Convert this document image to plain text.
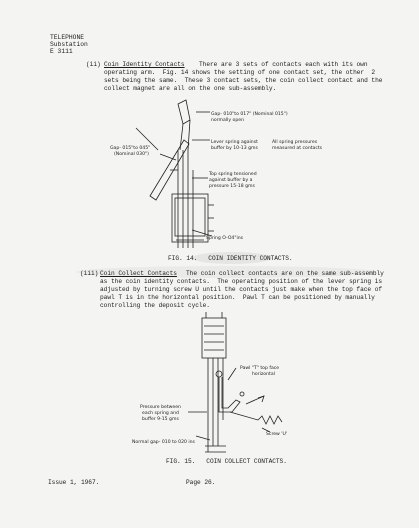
TELEPHONE
Substation
E 3111
(ii) Coin Identity Contacts There are 3 sets of contacts each with its own
operating arm.  Fig. 14 shows the setting of one contact set, the other  2
sets being the same.  These 3 contact sets, the coin collect contact and the
collect magnet are all on the one sub-assembly.
Gap- 010"to 017" (Nominal 015")
normally open
Lever spring against
buffer by 10-13 gms
All spring pressures
measured at contacts
Gap- 015"to 045"
(Nominal 030")
Top spring tensioned
against buffer by a
pressure 15-18 gms
Spring O-O4"ins
FIG. 14.   COIN IDENTITY CONTACTS.
(iii) Coin Collect Contacts The coin collect contacts are on the same sub-assembly
as the coin identity contacts.  The operating position of the lever spring is
adjusted by turning screw U until the contacts just make when the top face of
pawl T is in the horizontal position.  Pawl T can be positioned by manually
controlling the deposit cycle.
Pawl "T" top face
horizontal
Pressure between
each spring and
buffer 9-15 gms
Normal gap- 010 to 020 ins
Screw 'U'
FIG. 15.   COIN COLLECT CONTACTS.
Issue 1, 1967.	Page 26.
